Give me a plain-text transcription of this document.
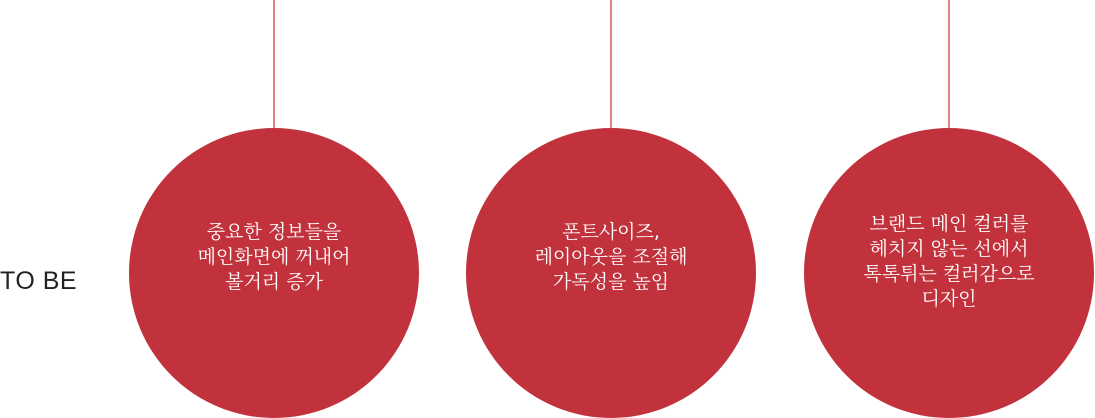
TO BE
중요한 정보들을
메인화면에 꺼내어
볼거리 증가
폰트사이즈,
레이아웃을 조절해
가독성을 높임
브랜드 메인 컬러를
헤치지 않는 선에서
톡톡튀는 컬러감으로
디자인
